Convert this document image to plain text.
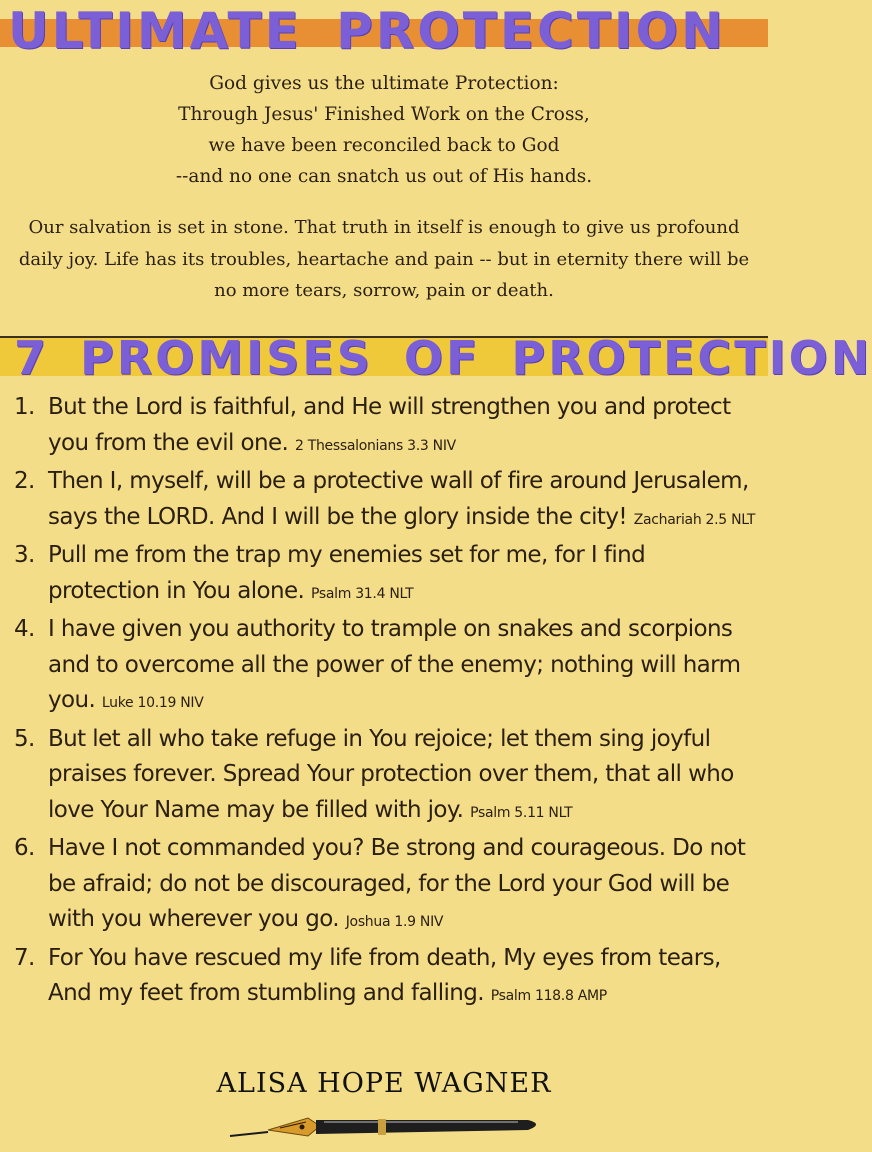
ULTIMATE PROTECTION
God gives us the ultimate Protection:
Through Jesus' Finished Work on the Cross,
we have been reconciled back to God
--and no one can snatch us out of His hands.
Our salvation is set in stone. That truth in itself is enough to give us profound daily joy. Life has its troubles, heartache and pain -- but in eternity there will be no more tears, sorrow, pain or death.
7 PROMISES OF PROTECTION
1. But the Lord is faithful, and He will strengthen you and protect you from the evil one. 2 Thessalonians 3.3 NIV
2. Then I, myself, will be a protective wall of fire around Jerusalem, says the LORD. And I will be the glory inside the city! Zachariah 2.5 NLT
3. Pull me from the trap my enemies set for me, for I find protection in You alone. Psalm 31.4 NLT
4. I have given you authority to trample on snakes and scorpions and to overcome all the power of the enemy; nothing will harm you. Luke 10.19 NIV
5. But let all who take refuge in You rejoice; let them sing joyful praises forever. Spread Your protection over them, that all who love Your Name may be filled with joy. Psalm 5.11 NLT
6. Have I not commanded you? Be strong and courageous. Do not be afraid; do not be discouraged, for the Lord your God will be with you wherever you go. Joshua 1.9 NIV
7. For You have rescued my life from death, My eyes from tears, And my feet from stumbling and falling. Psalm 118.8 AMP
ALISA HOPE WAGNER
